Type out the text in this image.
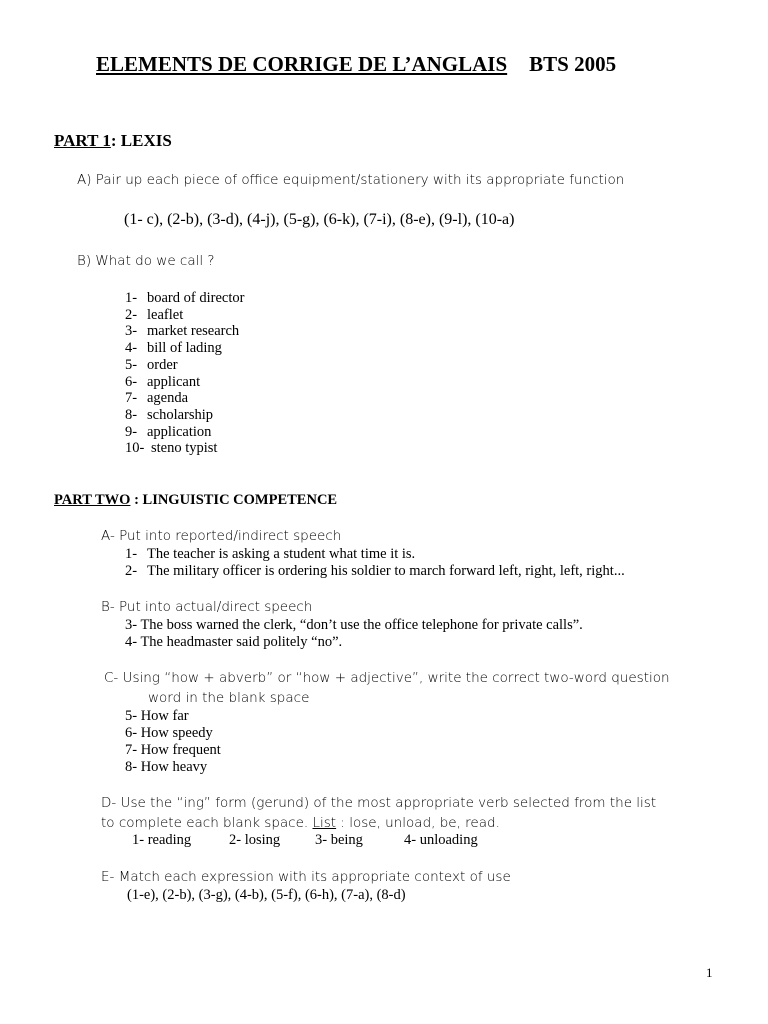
ELEMENTS DE CORRIGE DE L’ANGLAIS BTS 2005
PART 1: LEXIS
A) Pair up each piece of office equipment/stationery with its appropriate function
(1- c), (2-b), (3-d), (4-j), (5-g), (6-k), (7-i), (8-e), (9-l), (10-a)
B) What do we call ?
1- board of director
2- leaflet
3- market research
4- bill of lading
5- order
6- applicant
7- agenda
8- scholarship
9- application
10- steno typist
PART TWO : LINGUISTIC COMPETENCE
A- Put into reported/indirect speech
1- The teacher is asking a student what time it is.
2- The military officer is ordering his soldier to march forward left, right, left, right...
B- Put into actual/direct speech
3- The boss warned the clerk, “don’t use the office telephone for private calls”.
4- The headmaster said politely “no”.
C- Using “how + abverb” or “how + adjective”, write the correct two-word question
word in the blank space
5- How far
6- How speedy
7- How frequent
8- How heavy
D- Use the “ing” form (gerund) of the most appropriate verb selected from the list
to complete each blank space. List : lose, unload, be, read.
1- reading	2- losing 3- being	4- unloading
E- Match each expression with its appropriate context of use
(1-e), (2-b), (3-g), (4-b), (5-f), (6-h), (7-a), (8-d)
1
